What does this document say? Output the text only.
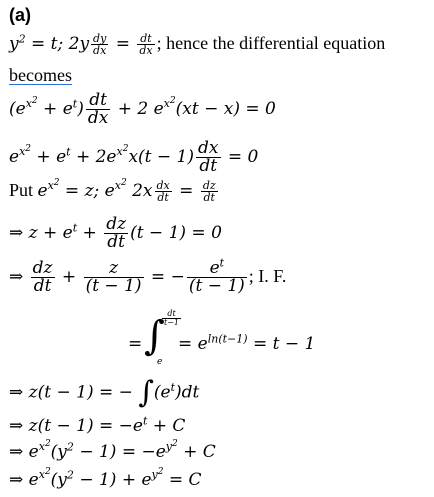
(a)
$y^2 = t$; $2y \frac{dy}{dx} = \frac{dt}{dx}$ ; hence the differential equation
becomes
$(e^{x^2} + e^t) \frac{dt}{dx} + 2$ $e^{x^2}(xt - x) = 0$
$e^{x^2} + e^t + 2e^{x^2}x(t - 1) \frac{dx}{dt} = 0$
Put $e^{x^2} = z$; $e^{x^2}$ $2x \frac{dx}{dt} = \frac{dz}{dt}$
⇒ $z + e^t + \frac{dz}{dt} (t - 1) = 0$
⇒ $\frac{dz}{dt} + \frac{z}{(t - 1)}$ = − $\frac{e^t}{(t - 1)}$ ; I. F.
= ∫
$\frac{dt}{t-1}$
e
= $e^{ln(t-1)} = t - 1$
⇒ z(t − 1) = − $\int(e^t)dt$
⇒ $z(t - 1) = -e^t + C$
⇒ $e^{x^2}(y^2 - 1) = -e^{y^2} + C$
⇒ $e^{x^2}(y^2 - 1) + e^{y^2} = C$
